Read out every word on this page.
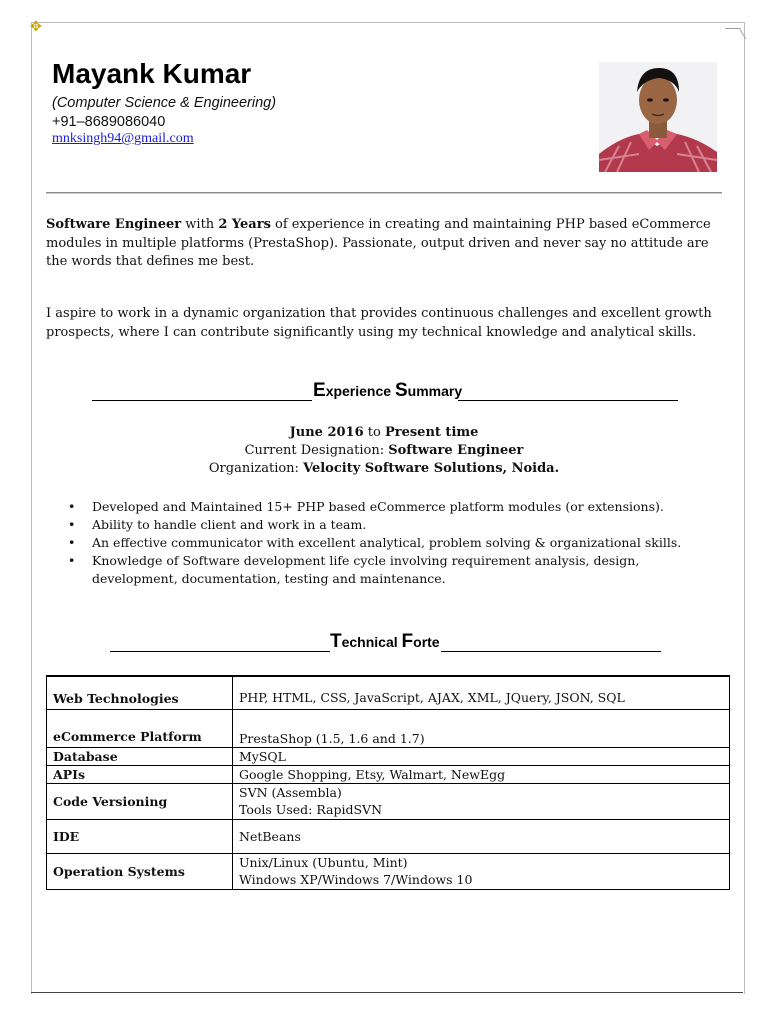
✥
Mayank Kumar
(Computer Science & Engineering)
+91–8689086040
mnksingh94@gmail.com
Software Engineer with 2 Years of experience in creating and maintaining PHP based eCommerce modules in multiple platforms (PrestaShop). Passionate, output driven and never say no attitude are the words that defines me best.
I aspire to work in a dynamic organization that provides continuous challenges and excellent growth prospects, where I can contribute significantly using my technical knowledge and analytical skills.
Experience Summary
June 2016 to Present time
Current Designation: Software Engineer
Organization: Velocity Software Solutions, Noida.
• Developed and Maintained 15+ PHP based eCommerce platform modules (or extensions).
• Ability to handle client and work in a team.
• An effective communicator with excellent analytical, problem solving & organizational skills.
• Knowledge of Software development life cycle involving requirement analysis, design, development, documentation, testing and maintenance.
Technical Forte
Web Technologies	PHP, HTML, CSS, JavaScript, AJAX, XML, JQuery, JSON, SQL
eCommerce Platform	PrestaShop (1.5, 1.6 and 1.7)
Database	MySQL
APIs	Google Shopping, Etsy, Walmart, NewEgg
Code Versioning	SVN (Assembla)
Tools Used: RapidSVN

IDE	NetBeans
Operation Systems	Unix/Linux (Ubuntu, Mint)
Windows XP/Windows 7/Windows 10
